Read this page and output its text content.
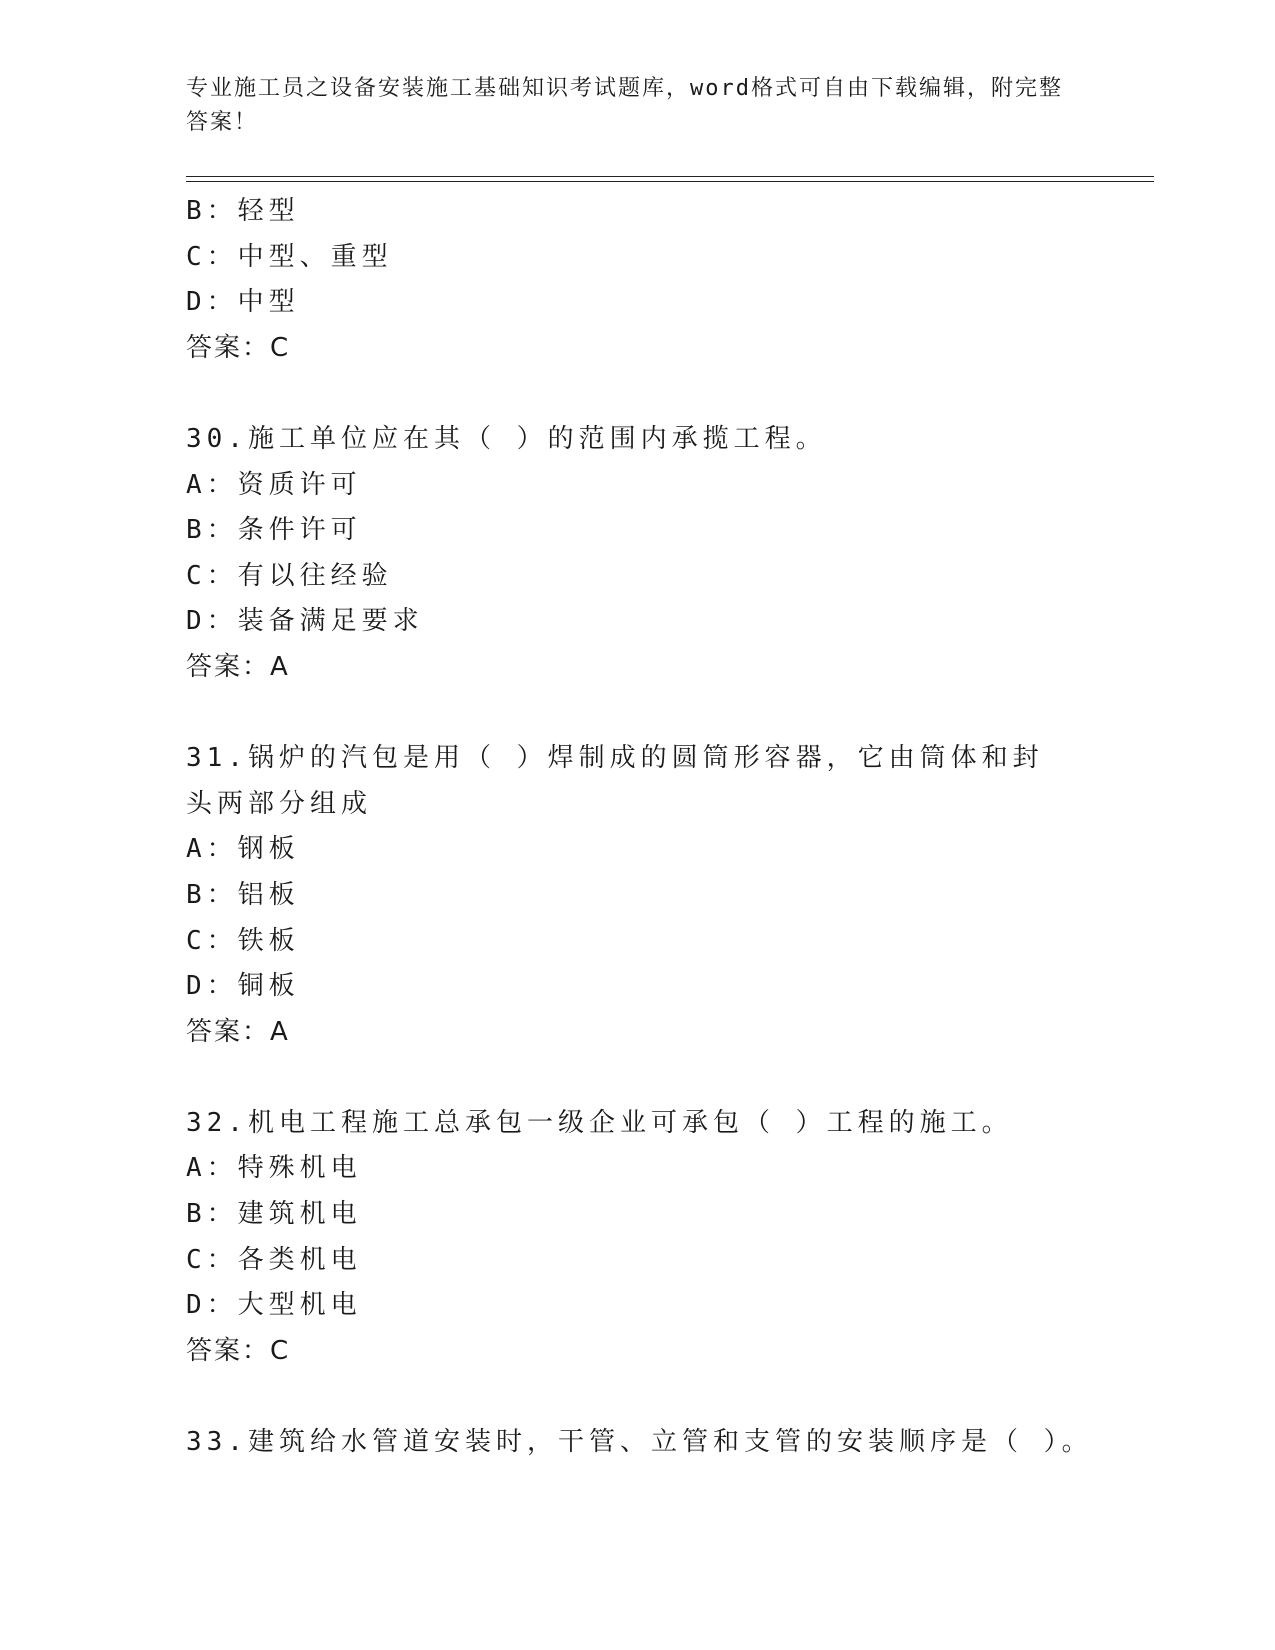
专业施工员之设备安装施工基础知识考试题库，word格式可自由下载编辑，附完整答案！
B：轻型
C：中型、重型
D：中型
答案：C
30.施工单位应在其（ ）的范围内承揽工程。
A：资质许可
B：条件许可
C：有以往经验
D：装备满足要求
答案：A
31.锅炉的汽包是用（ ）焊制成的圆筒形容器，它由筒体和封头两部分组成
A：钢板
B：铝板
C：铁板
D：铜板
答案：A
32.机电工程施工总承包一级企业可承包（ ）工程的施工。
A：特殊机电
B：建筑机电
C：各类机电
D：大型机电
答案：C
33.建筑给水管道安装时，干管、立管和支管的安装顺序是（ ）。
